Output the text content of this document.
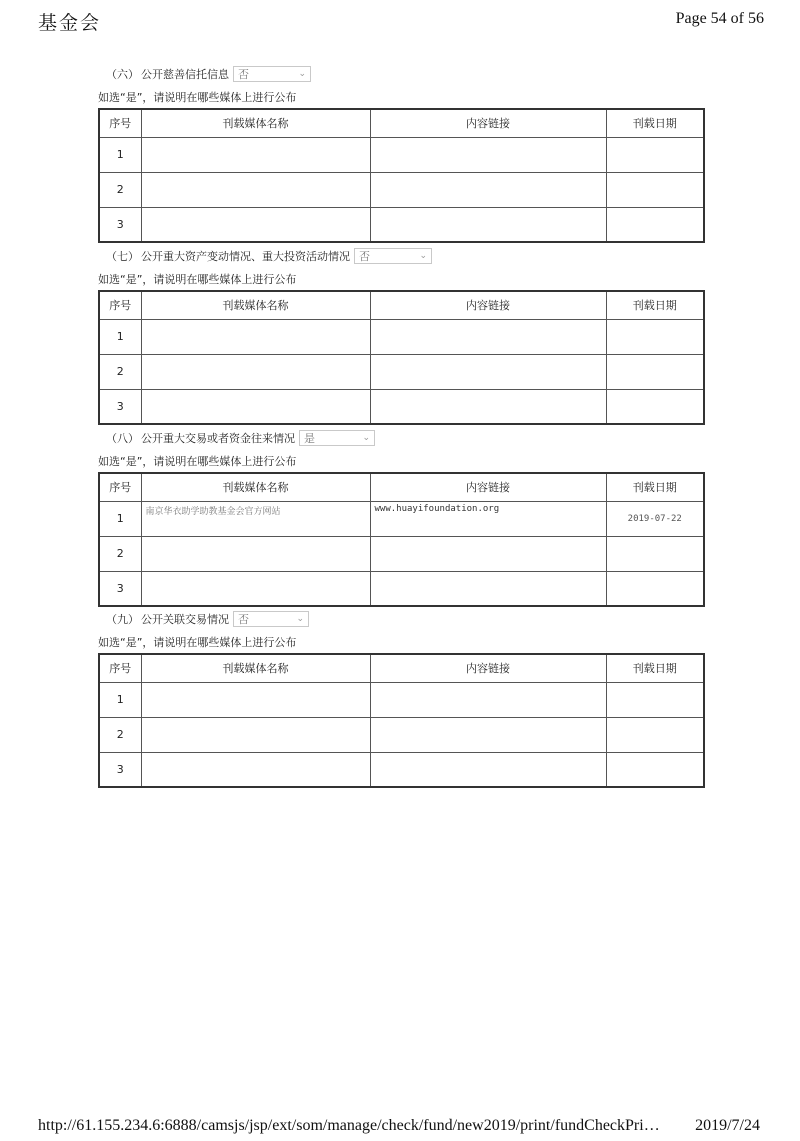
基金会	Page 54 of 56
（六） 公开慈善信托信息 否	⌄
如选“是”，请说明在哪些媒体上进行公布
序号	刊载媒体名称	内容链接	刊载日期
1			
2			
3			
（七） 公开重大资产变动情况、重大投资活动情况 否	⌄
如选“是”，请说明在哪些媒体上进行公布
序号	刊载媒体名称	内容链接	刊载日期
1			
2			
3			
（八） 公开重大交易或者资金往来情况 是	⌄
如选“是”，请说明在哪些媒体上进行公布
序号	刊载媒体名称	内容链接	刊载日期
1	南京华衣助学助教基金会官方网站	www.huayifoundation.org	2019-07-22
2			
3			
（九） 公开关联交易情况 否	⌄
如选“是”，请说明在哪些媒体上进行公布
序号	刊载媒体名称	内容链接	刊载日期
1			
2			
3			
http://61.155.234.6:6888/camsjs/jsp/ext/som/manage/check/fund/new2019/print/fundCheckPri… 2019/7/24
